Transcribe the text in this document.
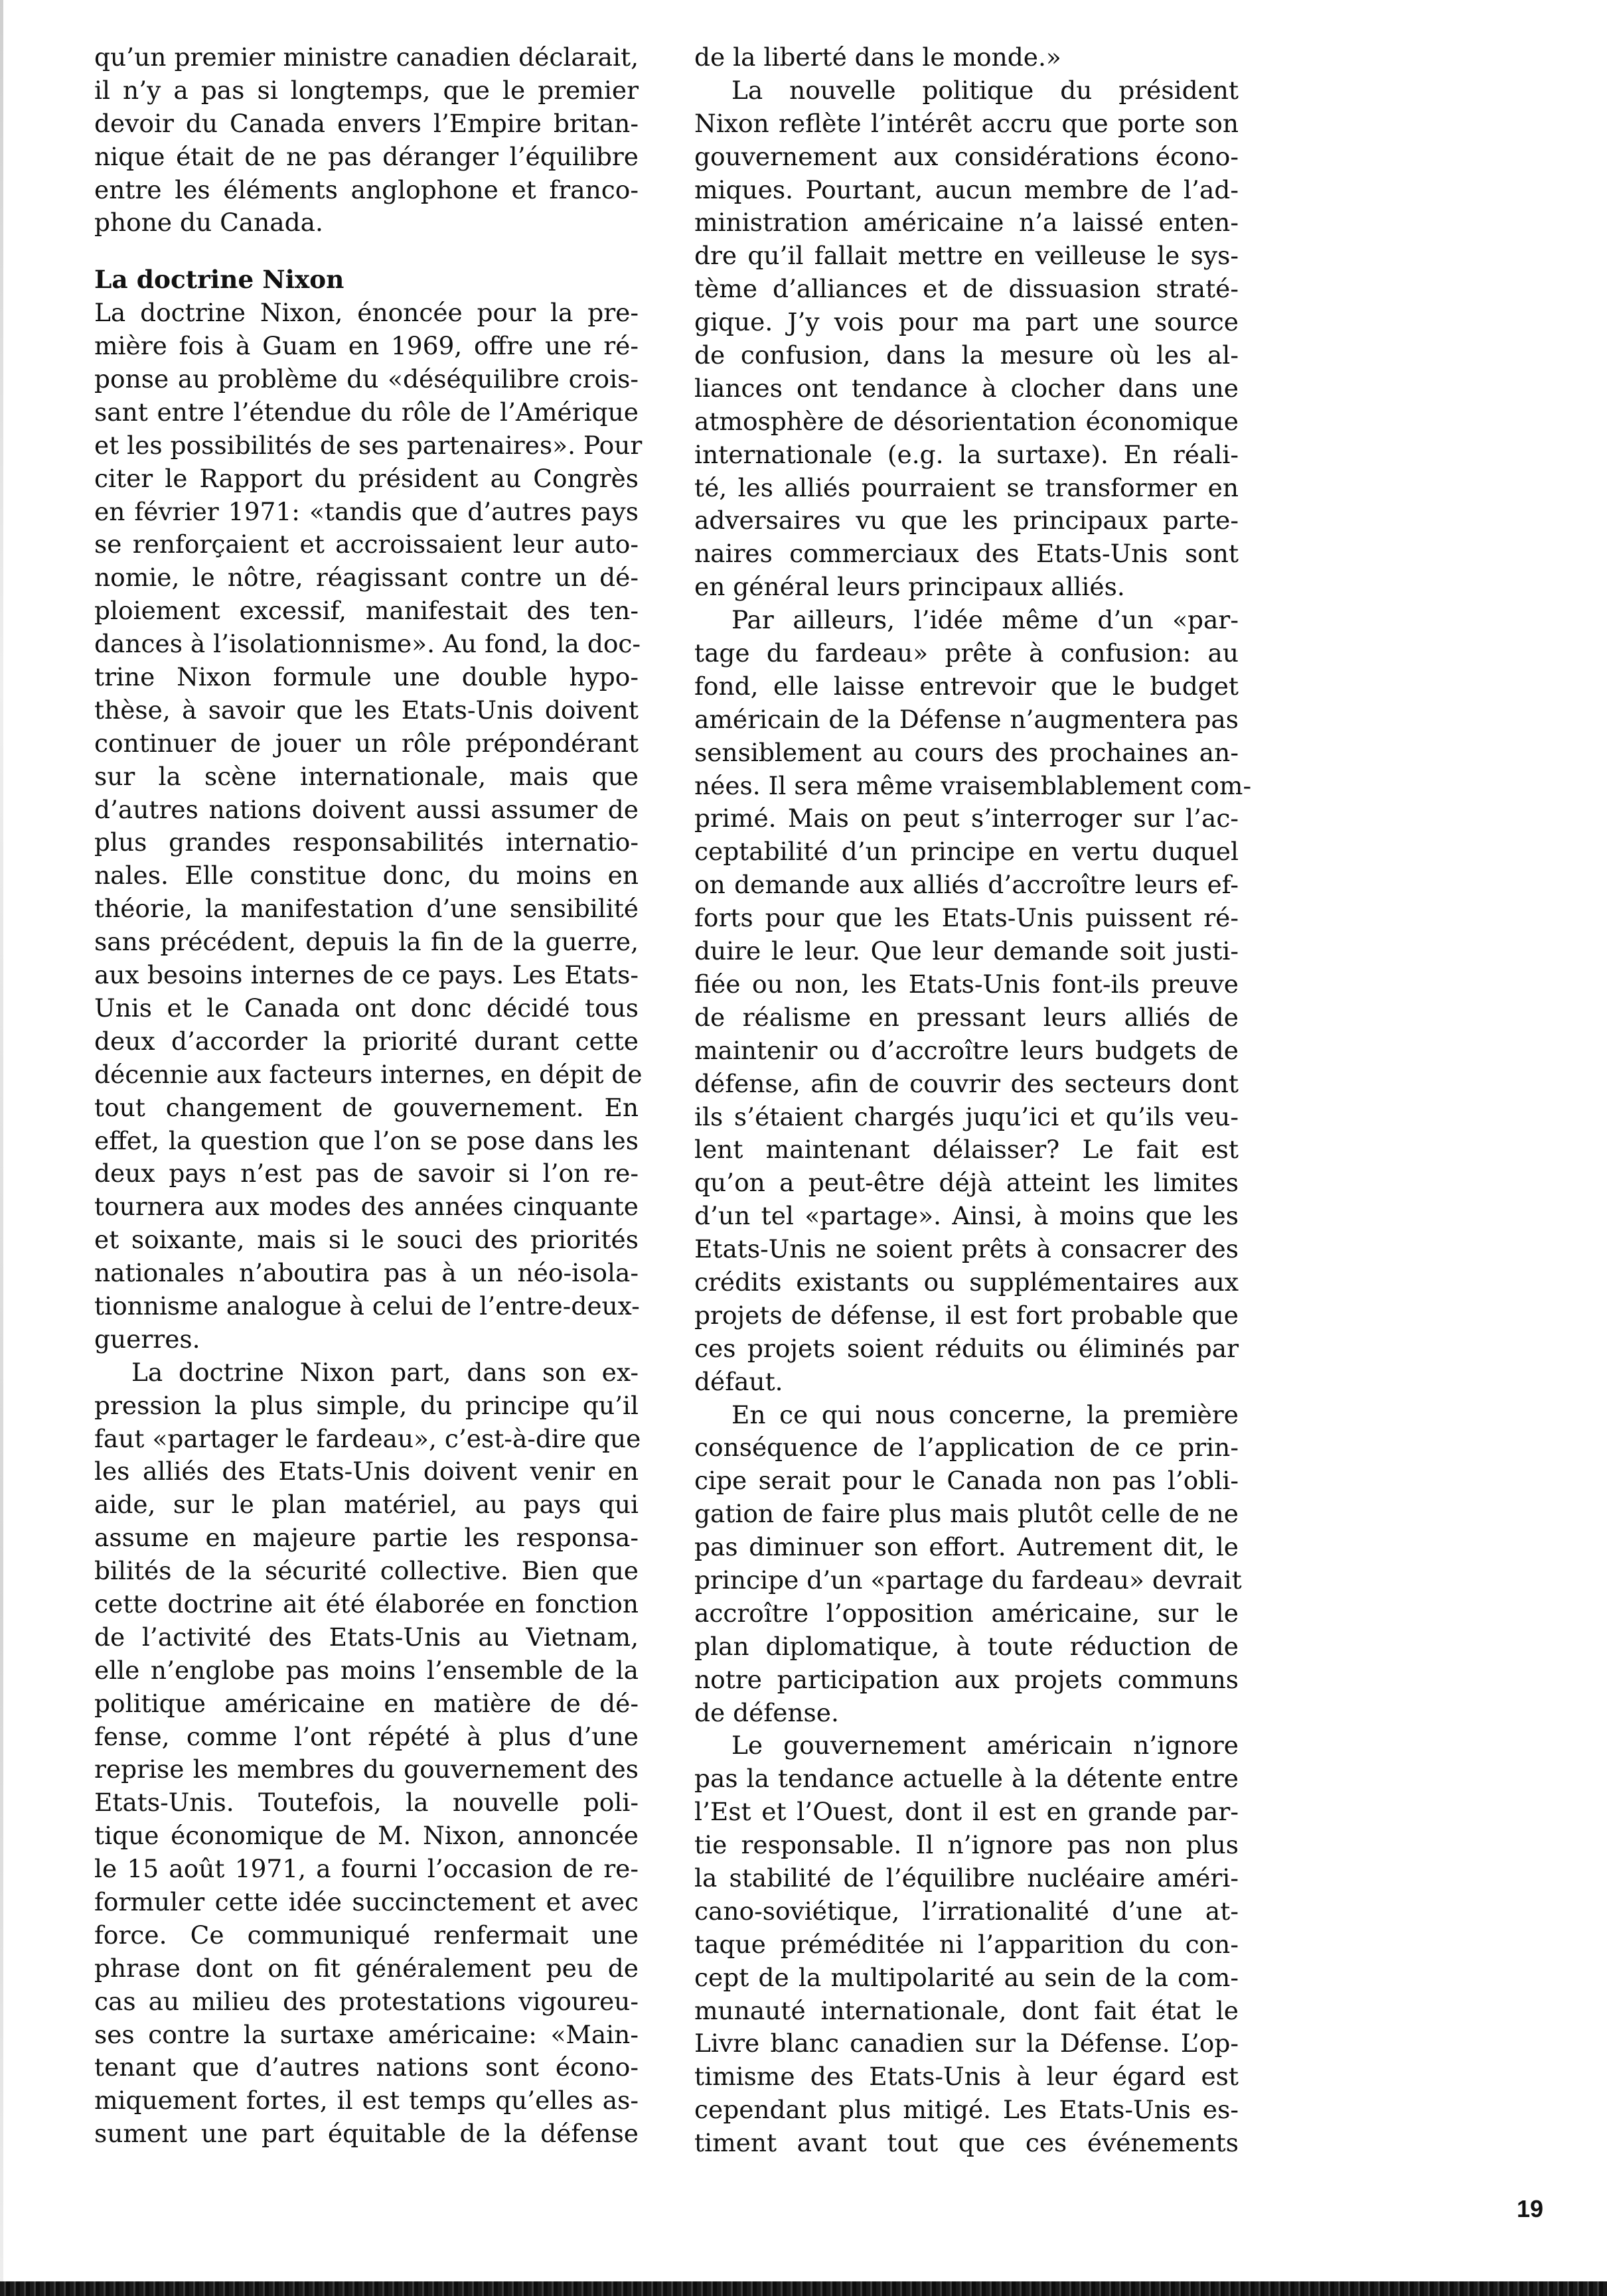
qu’un premier ministre canadien déclarait,
il n’y a pas si longtemps, que le premier
devoir du Canada envers l’Empire britan-
nique était de ne pas déranger l’équilibre
entre les éléments anglophone et franco-
phone du Canada.
La doctrine Nixon
La doctrine Nixon, énoncée pour la pre-
mière fois à Guam en 1969, offre une ré-
ponse au problème du «déséquilibre crois-
sant entre l’étendue du rôle de l’Amérique
et les possibilités de ses partenaires». Pour
citer le Rapport du président au Congrès
en février 1971: «tandis que d’autres pays
se renforçaient et accroissaient leur auto-
nomie, le nôtre, réagissant contre un dé-
ploiement excessif, manifestait des ten-
dances à l’isolationnisme». Au fond, la doc-
trine Nixon formule une double hypo-
thèse, à savoir que les Etats-Unis doivent
continuer de jouer un rôle prépondérant
sur la scène internationale, mais que
d’autres nations doivent aussi assumer de
plus grandes responsabilités internatio-
nales. Elle constitue donc, du moins en
théorie, la manifestation d’une sensibilité
sans précédent, depuis la fin de la guerre,
aux besoins internes de ce pays. Les Etats-
Unis et le Canada ont donc décidé tous
deux d’accorder la priorité durant cette
décennie aux facteurs internes, en dépit de
tout changement de gouvernement. En
effet, la question que l’on se pose dans les
deux pays n’est pas de savoir si l’on re-
tournera aux modes des années cinquante
et soixante, mais si le souci des priorités
nationales n’aboutira pas à un néo-isola-
tionnisme analogue à celui de l’entre-deux-
guerres.
La doctrine Nixon part, dans son ex-
pression la plus simple, du principe qu’il
faut «partager le fardeau», c’est-à-dire que
les alliés des Etats-Unis doivent venir en
aide, sur le plan matériel, au pays qui
assume en majeure partie les responsa-
bilités de la sécurité collective. Bien que
cette doctrine ait été élaborée en fonction
de l’activité des Etats-Unis au Vietnam,
elle n’englobe pas moins l’ensemble de la
politique américaine en matière de dé-
fense, comme l’ont répété à plus d’une
reprise les membres du gouvernement des
Etats-Unis. Toutefois, la nouvelle poli-
tique économique de M. Nixon, annoncée
le 15 août 1971, a fourni l’occasion de re-
formuler cette idée succinctement et avec
force. Ce communiqué renfermait une
phrase dont on fit généralement peu de
cas au milieu des protestations vigoureu-
ses contre la surtaxe américaine: «Main-
tenant que d’autres nations sont écono-
miquement fortes, il est temps qu’elles as-
sument une part équitable de la défense
de la liberté dans le monde.»
La nouvelle politique du président
Nixon reflète l’intérêt accru que porte son
gouvernement aux considérations écono-
miques. Pourtant, aucun membre de l’ad-
ministration américaine n’a laissé enten-
dre qu’il fallait mettre en veilleuse le sys-
tème d’alliances et de dissuasion straté-
gique. J’y vois pour ma part une source
de confusion, dans la mesure où les al-
liances ont tendance à clocher dans une
atmosphère de désorientation économique
internationale (e.g. la surtaxe). En réali-
té, les alliés pourraient se transformer en
adversaires vu que les principaux parte-
naires commerciaux des Etats-Unis sont
en général leurs principaux alliés.
Par ailleurs, l’idée même d’un «par-
tage du fardeau» prête à confusion: au
fond, elle laisse entrevoir que le budget
américain de la Défense n’augmentera pas
sensiblement au cours des prochaines an-
nées. Il sera même vraisemblablement com-
primé. Mais on peut s’interroger sur l’ac-
ceptabilité d’un principe en vertu duquel
on demande aux alliés d’accroître leurs ef-
forts pour que les Etats-Unis puissent ré-
duire le leur. Que leur demande soit justi-
fiée ou non, les Etats-Unis font-ils preuve
de réalisme en pressant leurs alliés de
maintenir ou d’accroître leurs budgets de
défense, afin de couvrir des secteurs dont
ils s’étaient chargés juqu’ici et qu’ils veu-
lent maintenant délaisser? Le fait est
qu’on a peut-être déjà atteint les limites
d’un tel «partage». Ainsi, à moins que les
Etats-Unis ne soient prêts à consacrer des
crédits existants ou supplémentaires aux
projets de défense, il est fort probable que
ces projets soient réduits ou éliminés par
défaut.
En ce qui nous concerne, la première
conséquence de l’application de ce prin-
cipe serait pour le Canada non pas l’obli-
gation de faire plus mais plutôt celle de ne
pas diminuer son effort. Autrement dit, le
principe d’un «partage du fardeau» devrait
accroître l’opposition américaine, sur le
plan diplomatique, à toute réduction de
notre participation aux projets communs
de défense.
Le gouvernement américain n’ignore
pas la tendance actuelle à la détente entre
l’Est et l’Ouest, dont il est en grande par-
tie responsable. Il n’ignore pas non plus
la stabilité de l’équilibre nucléaire améri-
cano-soviétique, l’irrationalité d’une at-
taque préméditée ni l’apparition du con-
cept de la multipolarité au sein de la com-
munauté internationale, dont fait état le
Livre blanc canadien sur la Défense. L’op-
timisme des Etats-Unis à leur égard est
cependant plus mitigé. Les Etats-Unis es-
timent avant tout que ces événements
19
